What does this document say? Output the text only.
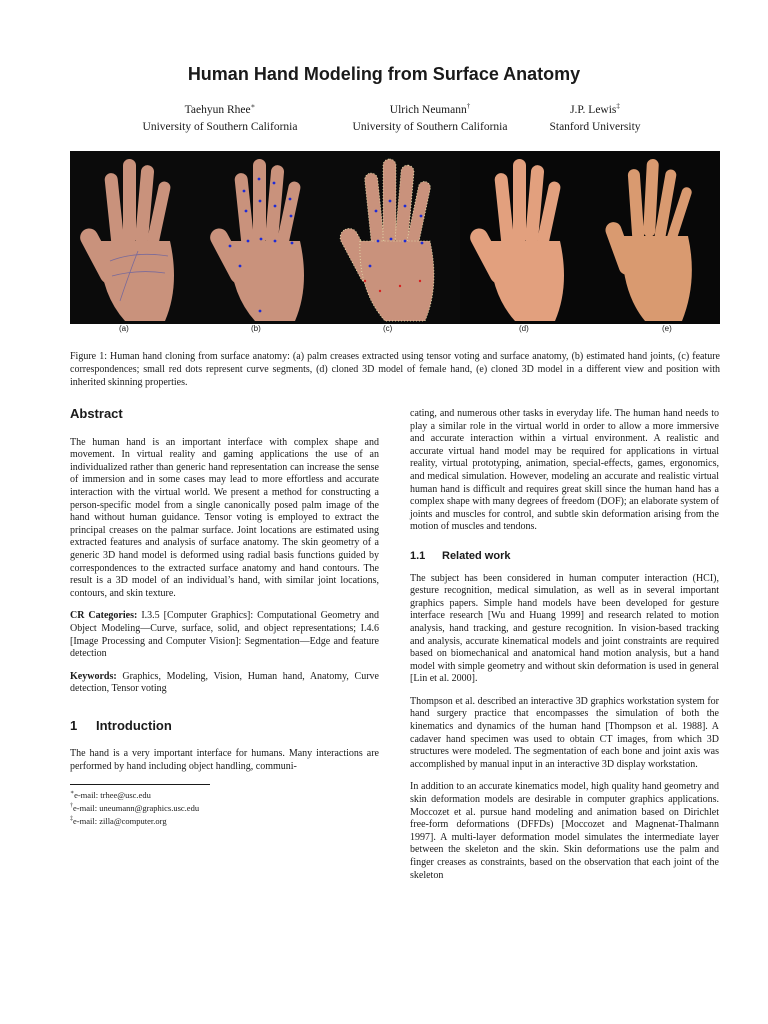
Human Hand Modeling from Surface Anatomy
Taehyun Rhee∗
University of Southern California
Ulrich Neumann†
University of Southern California
J.P. Lewis‡
Stanford University
(a)	(b)	(c)	(d)	(e)
Figure 1: Human hand cloning from surface anatomy: (a) palm creases extracted using tensor voting and surface anatomy, (b) estimated hand joints, (c) feature correspondences; small red dots represent curve segments, (d) cloned 3D model of female hand, (e) cloned 3D model in a different view and position with inherited skinning properties.
Abstract

The human hand is an important interface with complex shape and movement. In virtual reality and gaming applications the use of an individualized rather than generic hand representation can increase the sense of immersion and in some cases may lead to more effortless and accurate interaction with the virtual world. We present a method for constructing a person-specific model from a single canonically posed palm image of the hand without human guidance. Tensor voting is employed to extract the principal creases on the palmar surface. Joint locations are estimated using extracted features and analysis of surface anatomy. The skin geometry of a generic 3D hand model is deformed using radial basis functions guided by correspondences to the extracted surface anatomy and hand contours. The result is a 3D model of an individual’s hand, with similar joint locations, contours, and skin texture.

CR Categories: I.3.5 [Computer Graphics]: Computational Geometry and Object Modeling—Curve, surface, solid, and object representations; I.4.6 [Image Processing and Computer Vision]: Segmentation—Edge and feature detection

Keywords: Graphics, Modeling, Vision, Human hand, Anatomy, Curve detection, Tensor voting

1 Introduction

The hand is a very important interface for humans. Many interactions are performed by hand including object handling, communi-

∗e-mail: trhee@usc.edu
†e-mail: uneumann@graphics.usc.edu
‡e-mail: zilla@computer.org

cating, and numerous other tasks in everyday life. The human hand needs to play a similar role in the virtual world in order to allow a more immersive and accurate interaction within a virtual environment. A realistic and accurate virtual hand model may be required for applications in virtual reality, virtual prototyping, animation, special-effects, games, ergonomics, and medical simulation. However, modeling an accurate and realistic virtual human hand is difficult and requires great skill since the human hand has a complex shape with many degrees of freedom (DOF); an elaborate system of joints and muscles for control, and subtle skin deformation arising from the motion of muscles and tendons.

1.1 Related work

The subject has been considered in human computer interaction (HCI), gesture recognition, medical simulation, as well as in several important graphics papers. Simple hand models have been developed for gesture interface research [Wu and Huang 1999] and research related to motion analysis, hand tracking, and gesture recognition. In vision-based tracking and analysis, accurate kinematical models and joint constraints are required based on biomechanical and anatomical hand motion analysis, but a hand model with simple geometry and without skin deformation is used in general [Lin et al. 2000].

Thompson et al. described an interactive 3D graphics workstation system for hand surgery practice that encompasses the simulation of both the kinematics and dynamics of the human hand [Thompson et al. 1988]. A cadaver hand specimen was used to obtain CT images, from which 3D structures were modeled. The segmentation of each bone and joint axis was accomplished by manual input in an interactive 3D display workstation.

In addition to an accurate kinematics model, high quality hand geometry and skin deformation models are desirable in computer graphics applications. Moccozet et al. pursue hand modeling and animation based on Dirichlet free-form deformations (DFFDs) [Moccozet and Magnenat-Thalmann 1997]. A multi-layer deformation model simulates the intermediate layer between the skeleton and the skin. Skin deformations use the palm and finger creases as constraints, based on the observation that each joint of the skeleton
